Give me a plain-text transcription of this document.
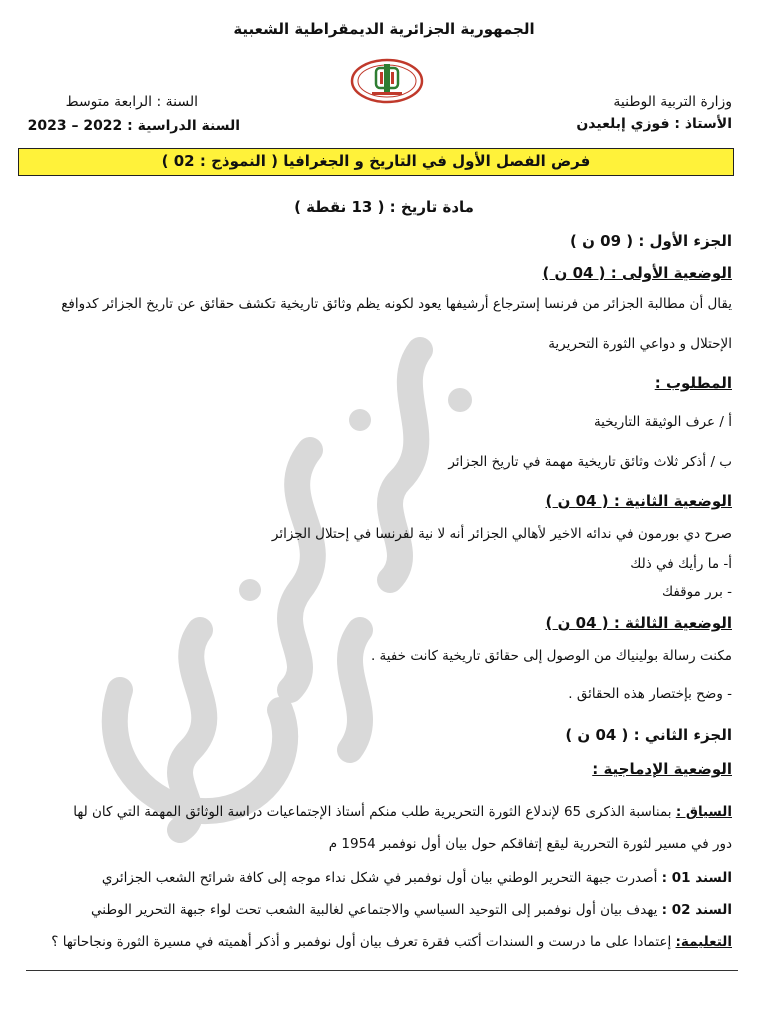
الجمهورية الجزائرية الديمقراطية الشعبية
وزارة التربية الوطنية
الأستاذ : فوزي إبلعيدن
السنة : الرابعة متوسط
السنة الدراسية : 2022 – 2023
فرض الفصل الأول في التاريخ و الجغرافيا ( النموذج : 02 )
مادة تاريخ : ( 13 نقطة )
الجزء الأول : ( 09 ن )
الوضعية الأولى : ( 04 ن )
يقال أن مطالبة الجزائر من فرنسا إسترجاع أرشيفها يعود لكونه يظم وثائق تاريخية تكشف حقائق عن تاريخ الجزائر كدوافع
الإحتلال و دواعي الثورة التحريرية
المطلوب :
أ / عرف الوثيقة التاريخية
ب / أذكر ثلاث وثائق تاريخية مهمة في تاريخ الجزائر
الوضعية الثانية : ( 04 ن )
صرح دي بورمون في ندائه الاخير لأهالي الجزائر أنه لا نية لفرنسا في إحتلال الجزائر
أ- ما رأيك في ذلك
- برر موقفك
الوضعية الثالثة : ( 04 ن )
مكنت رسالة بولينياك من الوصول إلى حقائق تاريخية كانت خفية .
- وضح بإختصار هذه الحقائق .
الجزء الثاني : ( 04 ن )
الوضعية الإدماجية :
السياق : بمناسبة الذكرى 65 لإندلاع الثورة التحريرية طلب منكم أستاذ الإجتماعيات دراسة الوثائق المهمة التي كان لها
دور في مسير لثورة التحررية ليقع إتفاقكم حول بيان أول نوفمبر 1954 م
السند 01 : أصدرت جبهة التحرير الوطني بيان أول نوفمبر في شكل نداء موجه إلى كافة شرائح الشعب الجزائري
السند 02 : يهدف بيان أول نوفمبر إلى التوحيد السياسي والاجتماعي لغالبية الشعب تحت لواء جبهة التحرير الوطني
التعليمة: إعتمادا على ما درست و السندات أكتب فقرة تعرف بيان أول نوفمبر و أذكر أهميته في مسيرة الثورة ونجاحاتها ؟
